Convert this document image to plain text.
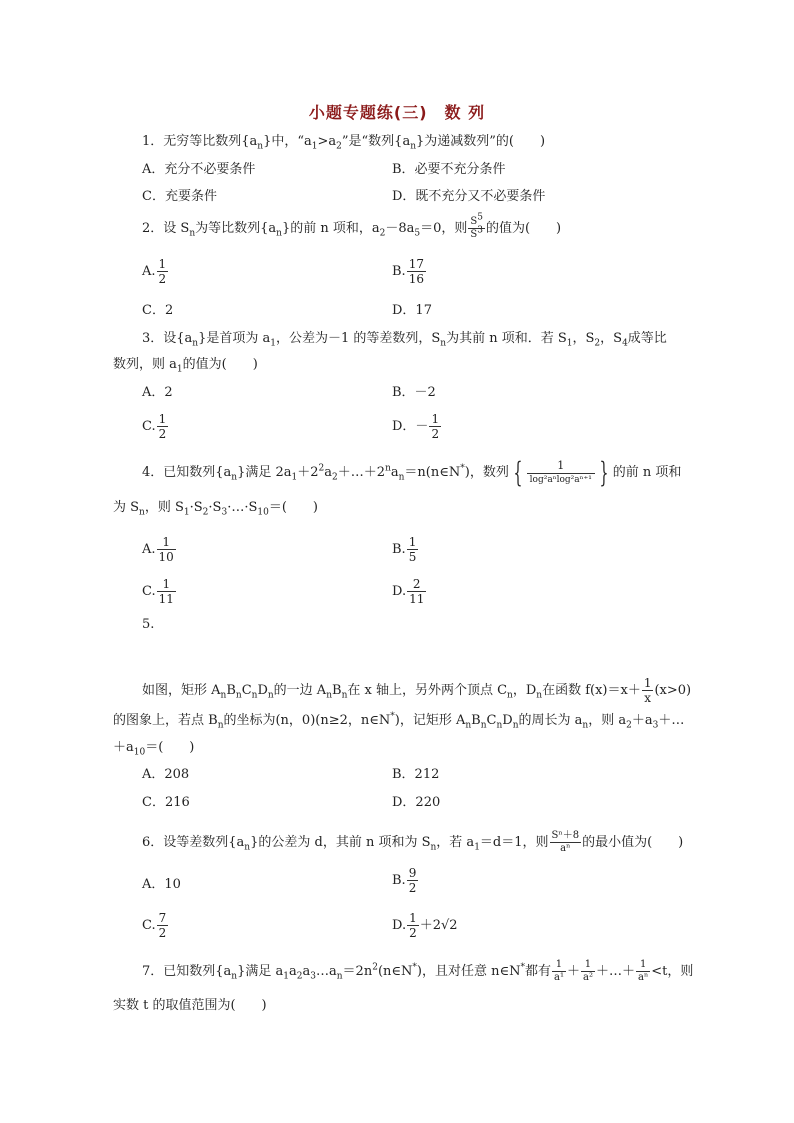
小题专题练(三)　数 列
1．无穷等比数列$\{a_n\}$中，“$a_1>a_2$”是“数列$\{a_n\}$为递减数列”的(　　)
A．充分不必要条件	B．必要不充分条件
C．充要条件	D．既不充分又不必要条件
2．设 $S_n$为等比数列$\{a_n\}$的前 n 项和，$a_2-8a_5=0$，则 $\frac{S^5}{S^3}$ 的值为(　　)
A. $\frac{1}{2}$	B. $\frac{17}{16}$
C．2	D．17
3．设$\{a_n\}$是首项为 $a_1$，公差为－1 的等差数列，$S_n$为其前 n 项和．若 $S_1$，$S_2$，$S_4$成等比
数列，则 $a_1$的值为(　　)
A．2	B．－2
C. $\frac{1}{2}$	D．－ $\frac{1}{2}$
4．已知数列$\{a_n\}$满足 $2a_1+2^2a_2+\dots+2^na_n=n(n\in N^*)$，数列 {	1
log²aⁿlog²aⁿ⁺¹ } 的前 n 项和
为 $S_n$，则 $S_1\cdot S_2\cdot S_3\cdot\dots\cdot S_{10}=$(　　)
A. $\frac{1}{10}$	B. $\frac{1}{5}$
C. $\frac{1}{11}$	D. $\frac{2}{11}$
5.
如图，矩形 $A_nB_nC_nD_n$的一边 $A_nB_n$在 x 轴上，另外两个顶点 $C_n$，$D_n$在函数 $f(x)=x+ \frac{1}{x} (x>0)$
的图象上，若点 $B_n$的坐标为(n，0)(n≥2，n∈N*)，记矩形 $A_nB_nC_nD_n$的周长为 $a_n$，则 $a_2+a_3+\dots$
$+a_{10}=$(　　)
A．208	B．212
C．216	D．220
6．设等差数列$\{a_n\}$的公差为 d，其前 n 项和为 $S_n$，若 $a_1=d=1$，则 $\frac{\text{Sⁿ＋8}}{\text{aⁿ}}$ 的最小值为(　　)
A．10	B. $\frac{9}{2}$
C. $\frac{7}{2}$	D. $\frac{1}{2} +2√2$
7．已知数列$\{a_n\}$满足 $a_1a_2a_3\dots a_n=2n^2(n\in N^*)$，且对任意 n∈N*都有 $\frac{1}{\text{a¹}} + \frac{1}{\text{a²}}$ ＋…＋ $\frac{1}{\text{aⁿ}} <t$，则
实数 t 的取值范围为(　　)
